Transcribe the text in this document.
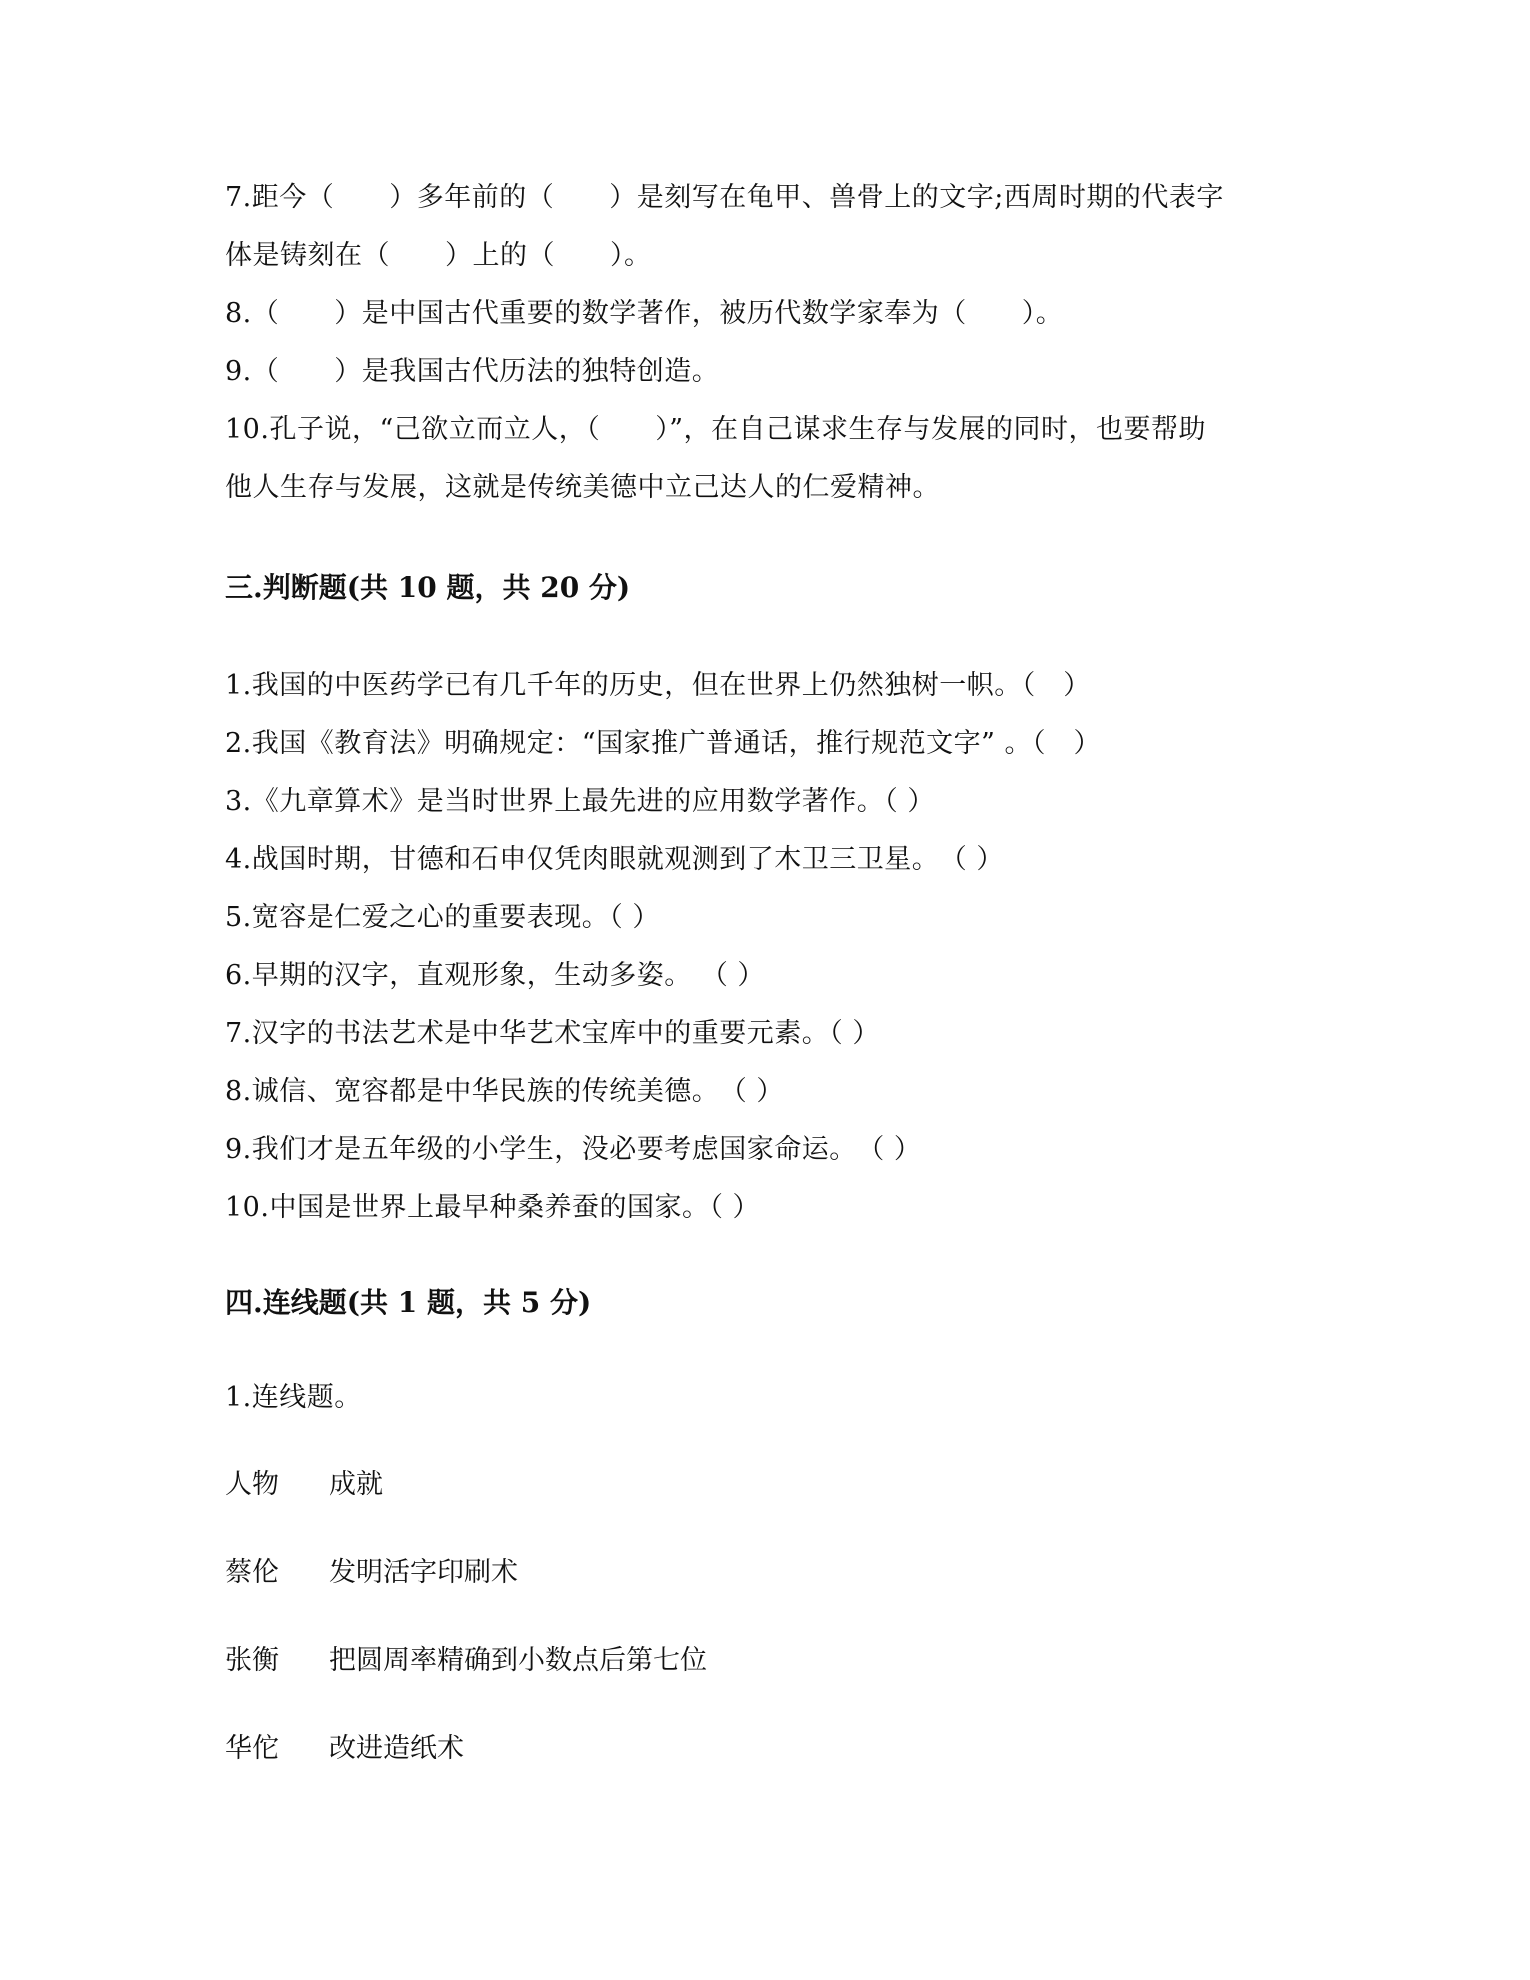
7.距今（　　）多年前的（　　）是刻写在龟甲、兽骨上的文字;西周时期的代表字
体是铸刻在（　　）上的（　　）。
8.（　　）是中国古代重要的数学著作，被历代数学家奉为（　　）。
9.（　　）是我国古代历法的独特创造。
10.孔子说，“己欲立而立人，（　　）”，在自己谋求生存与发展的同时，也要帮助
他人生存与发展，这就是传统美德中立己达人的仁爱精神。
三.判断题(共 10 题，共 20 分)
1.我国的中医药学已有几千年的历史，但在世界上仍然独树一帜。（　）
2.我国《教育法》明确规定：“国家推广普通话，推行规范文字” 。（　）
3.《九章算术》是当时世界上最先进的应用数学著作。（ ）
4.战国时期，甘德和石申仅凭肉眼就观测到了木卫三卫星。　（ ）
5.宽容是仁爱之心的重要表现。（ ）
6.早期的汉字，直观形象，生动多姿。 （ ）
7.汉字的书法艺术是中华艺术宝库中的重要元素。（ ）
8.诚信、宽容都是中华民族的传统美德。　（ ）
9.我们才是五年级的小学生，没必要考虑国家命运。　（ ）
10.中国是世界上最早种桑养蚕的国家。（ ）
四.连线题(共 1 题，共 5 分)
1.连线题。
人物 成就
蔡伦 发明活字印刷术
张衡 把圆周率精确到小数点后第七位
华佗 改进造纸术
